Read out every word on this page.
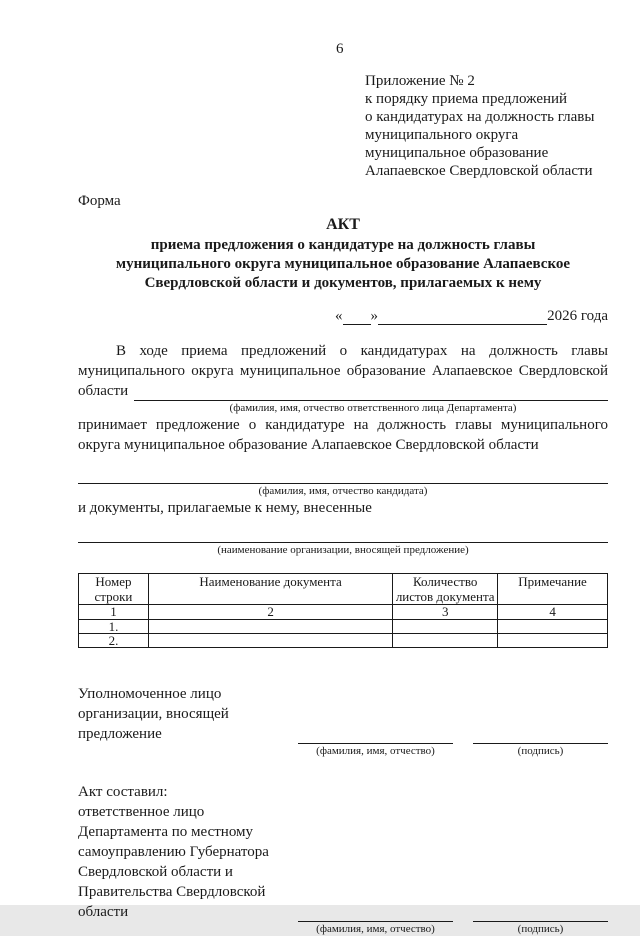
6
Приложение № 2
к порядку приема предложений
о кандидатурах на должность главы
муниципального округа
муниципальное образование
Алапаевское Свердловской области
Форма
АКТ
приема предложения о кандидатуре на должность главы
муниципального округа муниципальное образование Алапаевское
Свердловской области и документов, прилагаемых к нему
« »	2026 года
В ходе приема предложений о кандидатурах на должность главы
муниципального округа муниципальное образование Алапаевское Свердловской
области
(фамилия, имя, отчество ответственного лица Департамента)
принимает предложение о кандидатуре на должность главы муниципального
округа муниципальное образование Алапаевское Свердловской области
(фамилия, имя, отчество кандидата)
и документы, прилагаемые к нему, внесенные
(наименование организации, вносящей предложение)
Номер строки	Наименование документа	Количество листов документа	Примечание
1	2	3	4
1.			
2.			
Уполномоченное лицо
организации, вносящей
предложение
(фамилия, имя, отчество)	(подпись)
Акт составил:
ответственное лицо
Департамента по местному
самоуправлению Губернатора
Свердловской области и
Правительства Свердловской
области
(фамилия, имя, отчество)	(подпись)
